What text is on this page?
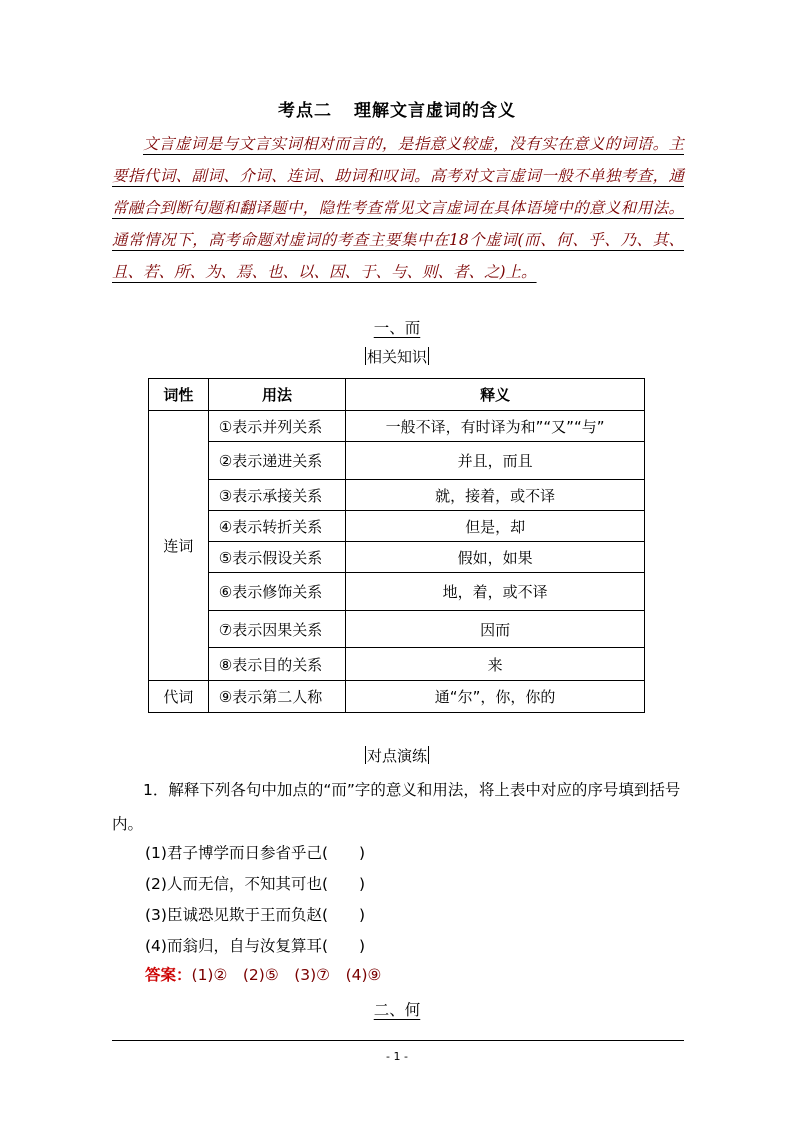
考点二 理解文言虚词的含义

文言虚词是与文言实词相对而言的，是指意义较虚，没有实在意义的词语。主要指代词、副词、介词、连词、助词和叹词。高考对文言虚词一般不单独考查，通常融合到断句题和翻译题中，隐性考查常见文言虚词在具体语境中的意义和用法。通常情况下，高考命题对虚词的考查主要集中在18个虚词(而、何、乎、乃、其、且、若、所、为、焉、也、以、因、于、与、则、者、之)上。

一、而
相关知识
词性	用法	释义
连词	①表示并列关系	一般不译，有时译为和”“又”“与”
	②表示递进关系	并且，而且
	③表示承接关系	就，接着，或不译
	④表示转折关系	但是，却
	⑤表示假设关系	假如，如果
	⑥表示修饰关系	地，着，或不译
	⑦表示因果关系	因而
	⑧表示目的关系	来
代词	⑨表示第二人称	通“尔”，你，你的
对点演练
1．解释下列各句中加点的“而”字的意义和用法，将上表中对应的序号填到括号内。
(1)君子博学而日参省乎己(　　)
(2)人而无信，不知其可也(　　)
(3)臣诚恐见欺于王而负赵(　　)
(4)而翁归，自与汝复算耳(　　)
答案：(1)②　(2)⑤　(3)⑦　(4)⑨
二、何
- 1 -
